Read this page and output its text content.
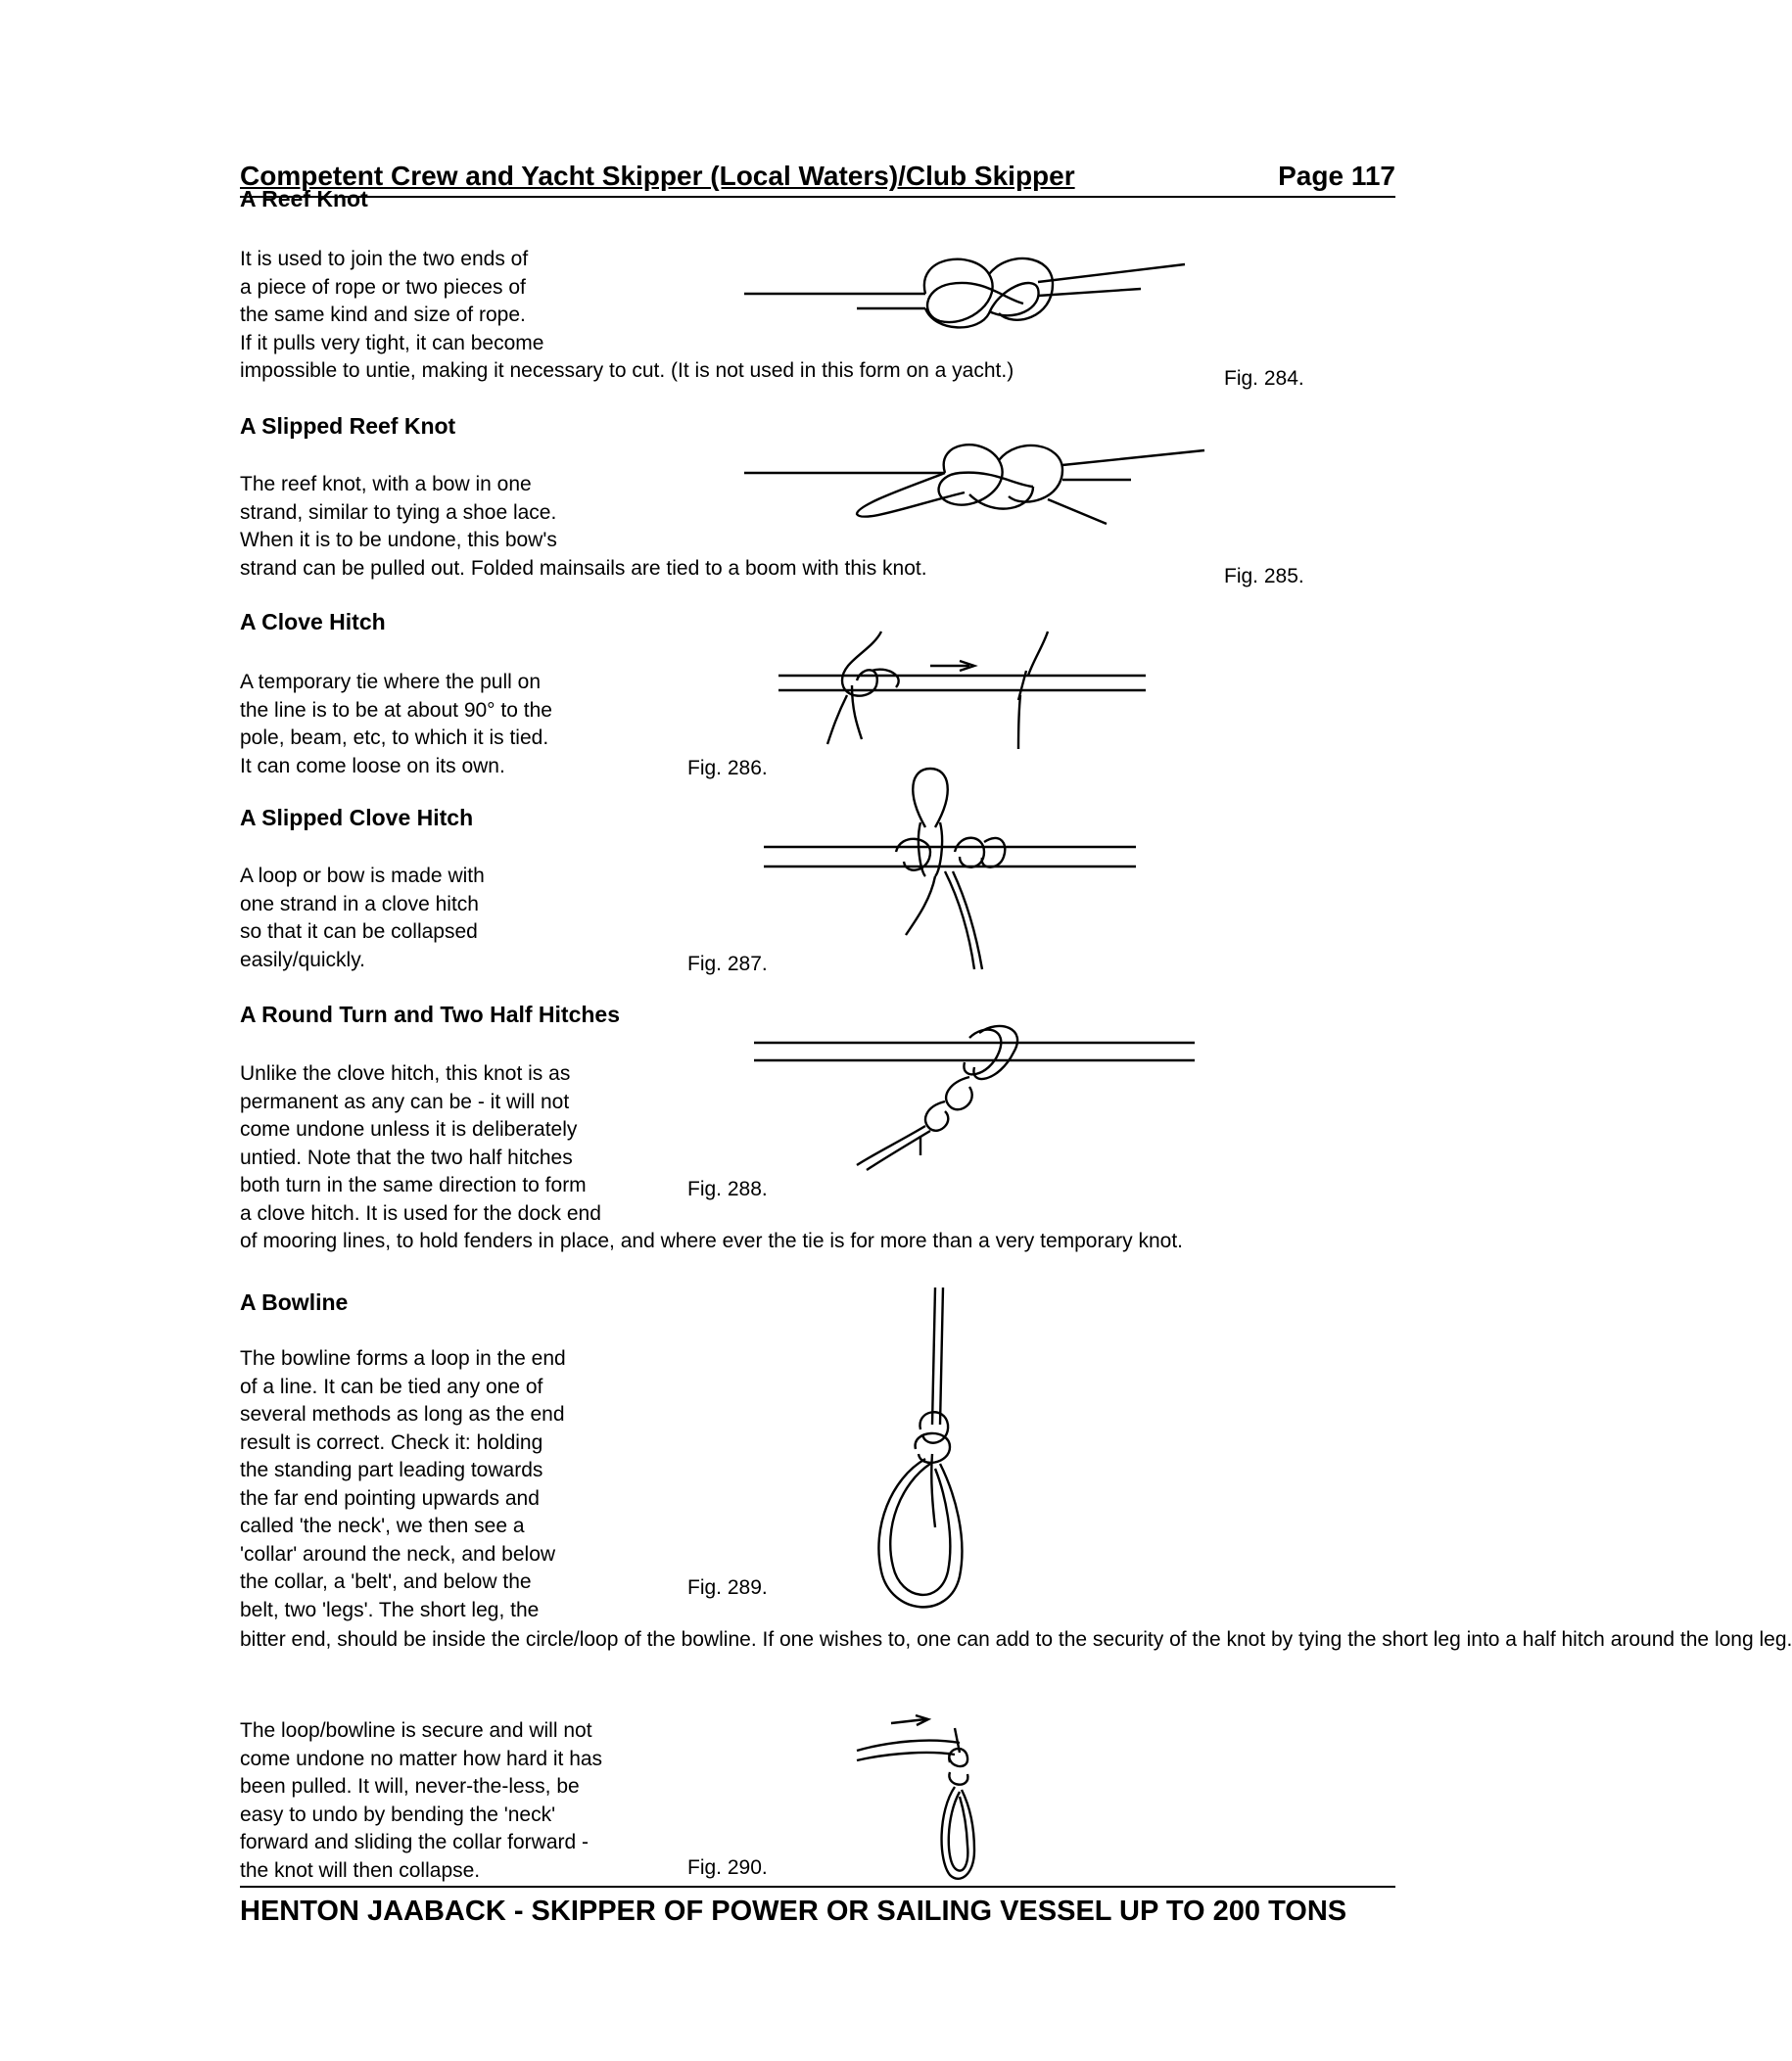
Competent Crew and Yacht Skipper (Local Waters)/Club Skipper	Page 117
A Reef Knot
It is used to join the two ends of
a piece of rope or two pieces of
the same kind and size of rope.
If it pulls very tight, it can become
impossible to untie, making it necessary to cut. (It is not used in this form on a yacht.)	Fig. 284.
A Slipped Reef Knot
The reef knot, with a bow in one
strand, similar to tying a shoe lace.
When it is to be undone, this bow's
strand can be pulled out. Folded mainsails are tied to a boom with this knot.	Fig. 285.
A Clove Hitch
A temporary tie where the pull on
the line is to be at about 90° to the
pole, beam, etc, to which it is tied.
It can come loose on its own.	Fig. 286.
A Slipped Clove Hitch
A loop or bow is made with
one strand in a clove hitch
so that it can be collapsed
easily/quickly.	Fig. 287.
A Round Turn and Two Half Hitches
Unlike the clove hitch, this knot is as
permanent as any can be - it will not
come undone unless it is deliberately
untied. Note that the two half hitches
both turn in the same direction to form
a clove hitch. It is used for the dock end
of mooring lines, to hold fenders in place, and where ever the tie is for more than a very temporary knot.
Fig. 288.
A Bowline
The bowline forms a loop in the end
of a line. It can be tied any one of
several methods as long as the end
result is correct. Check it: holding
the standing part leading towards
the far end pointing upwards and
called 'the neck', we then see a
'collar' around the neck, and below
the collar, a 'belt', and below the
belt, two 'legs'. The short leg, the
bitter end, should be inside the circle/loop of the bowline. If one wishes to, one can add to the security of the knot by tying the short leg into a half hitch around the long leg.
Fig. 289.
The loop/bowline is secure and will not
come undone no matter how hard it has
been pulled. It will, never-the-less, be
easy to undo by bending the 'neck'
forward and sliding the collar forward -
the knot will then collapse.	Fig. 290.
HENTON JAABACK - SKIPPER OF POWER OR SAILING VESSEL UP TO 200 TONS
